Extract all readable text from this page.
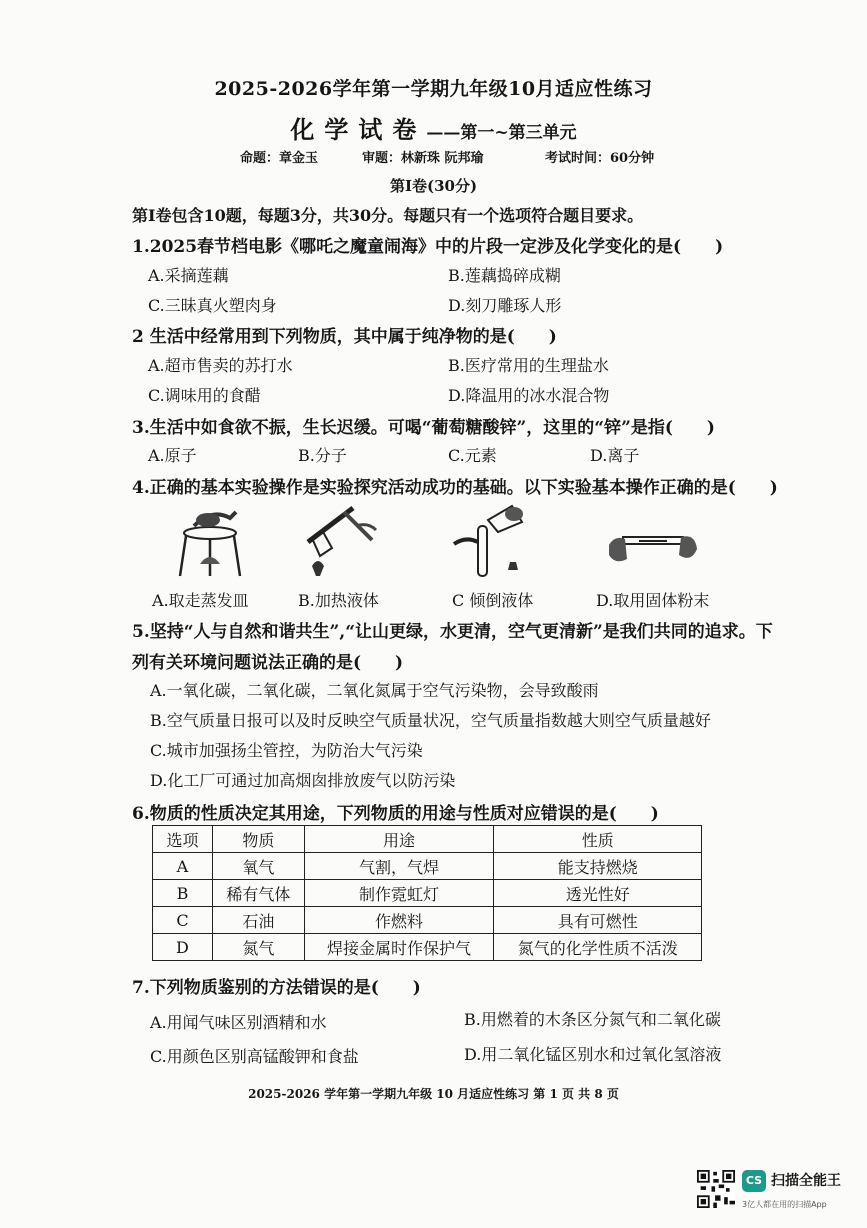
2025-2026学年第一学期九年级10月适应性练习
化学试卷——第一~第三单元
命题：章金玉	审题：林新珠 阮邦瑜	考试时间：60分钟
第I卷(30分)
第I卷包含10题，每题3分，共30分。每题只有一个选项符合题目要求。
1.2025春节档电影《哪吒之魔童闹海》中的片段一定涉及化学变化的是(　　)
A.采摘莲藕	B.莲藕捣碎成糊
C.三昧真火塑肉身	D.刻刀雕琢人形
2 生活中经常用到下列物质，其中属于纯净物的是(　　)
A.超市售卖的苏打水	B.医疗常用的生理盐水
C.调味用的食醋	D.降温用的冰水混合物
3.生活中如食欲不振，生长迟缓。可喝“葡萄糖酸锌”，这里的“锌”是指(　　)
A.原子	B.分子	C.元素	D.离子
4.正确的基本实验操作是实验探究活动成功的基础。以下实验基本操作正确的是(　　)
A.取走蒸发皿	B.加热液体	C 倾倒液体	D.取用固体粉末
5.坚持“人与自然和谐共生”,“让山更绿，水更清，空气更清新”是我们共同的追求。下
列有关环境问题说法正确的是(　　)
A.一氧化碳，二氧化碳，二氧化氮属于空气污染物，会导致酸雨
B.空气质量日报可以及时反映空气质量状况，空气质量指数越大则空气质量越好
C.城市加强扬尘管控，为防治大气污染
D.化工厂可通过加高烟囱排放废气以防污染
6.物质的性质决定其用途，下列物质的用途与性质对应错误的是(　　)
选项	物质	用途	性质
A	氧气	气割，气焊	能支持燃烧
B	稀有气体	制作霓虹灯	透光性好
C	石油	作燃料	具有可燃性
D	氮气	焊接金属时作保护气	氮气的化学性质不活泼
7.下列物质鉴别的方法错误的是(　　)
A.用闻气味区别酒精和水	B.用燃着的木条区分氮气和二氧化碳
C.用颜色区别高锰酸钾和食盐	D.用二氧化锰区别水和过氧化氢溶液
2025-2026 学年第一学期九年级 10 月适应性练习 第 1 页 共 8 页
CS 扫描全能王
3亿人都在用的扫描App
